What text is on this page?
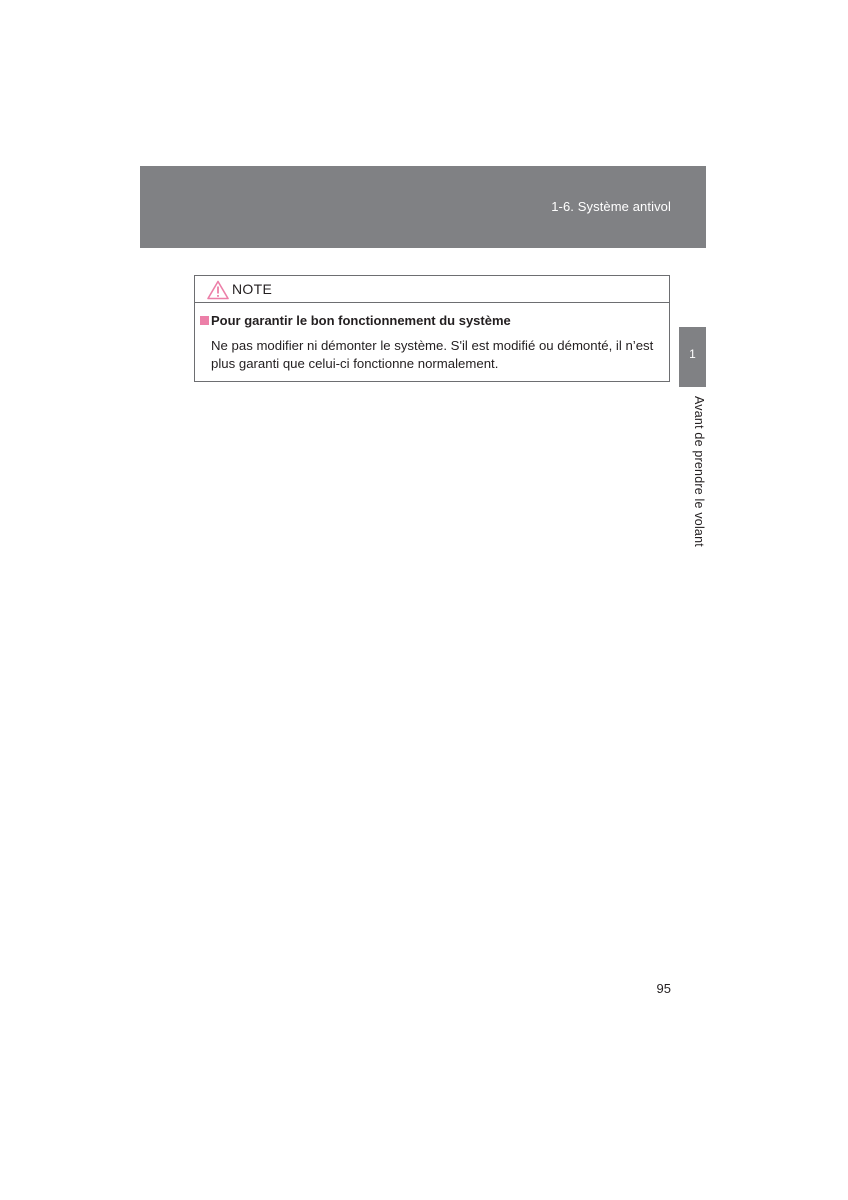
1-6. Système antivol
NOTE
Pour garantir le bon fonctionnement du système

Ne pas modifier ni démonter le système. S'il est modifié ou démonté, il n’est plus garanti que celui-ci fonctionne normalement.

1
Avant de prendre le volant
95
